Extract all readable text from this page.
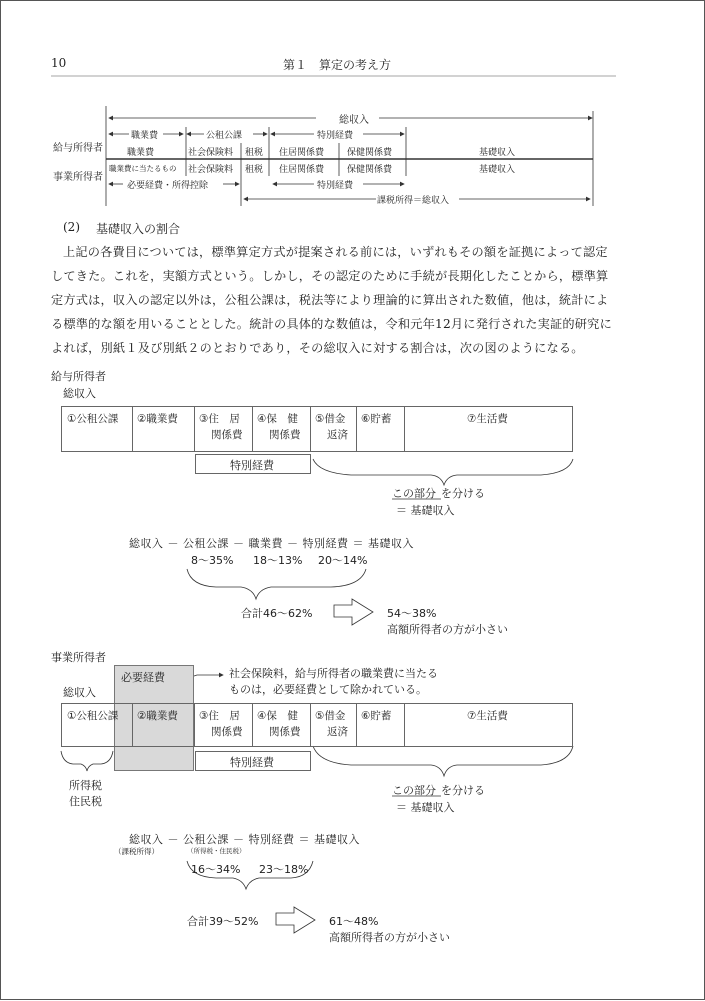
10	第１　算定の考え方
総収入
給与所得者
事業所得者
職業費	公租公課	特別経費
職業費	社会保険料 租税 住居関係費	保健関係費	基礎収入
職業費に当たるもの 社会保険料 租税 住居関係費	保健関係費	基礎収入
必要経費・所得控除	特別経費
課税所得＝総収入
(2) 基礎収入の割合
上記の各費目については，標準算定方式が提案される前には，いずれもその額を証拠によって認定
してきた。これを，実額方式という。しかし，その認定のために手続が長期化したことから，標準算
定方式は，収入の認定以外は，公租公課は，税法等により理論的に算出された数値，他は，統計によ
る標準的な額を用いることとした。統計の具体的な数値は，令和元年12月に発行された実証的研究に
よれば，別紙１及び別紙２のとおりであり，その総収入に対する割合は，次の図のようになる。
給与所得者
総収入
①公租公課	②職業費	③住　居
関係費
④保　健
関係費
⑤借金
返済
⑥貯蓄	⑦生活費
特別経費
この部分 を分ける
＝ 基礎収入
総収入 － 公租公課 － 職業費 － 特別経費 ＝ 基礎収入
8～35% 18～13% 20～14%
合計46～62%	54～38%
高額所得者の方が小さい
事業所得者
必要経費	社会保険料，給与所得者の職業費に当たる
ものは，必要経費として除かれている。
総収入
①公租公課	②職業費	③住　居
関係費
④保　健
関係費
⑤借金
返済
⑥貯蓄	⑦生活費
特別経費
所得税
住民税
この部分 を分ける
＝ 基礎収入
総収入 － 公租公課 － 特別経費 ＝ 基礎収入
（課税所得）	（所得税・住民税）
16～34% 23～18%
合計39～52%	61～48%
高額所得者の方が小さい
